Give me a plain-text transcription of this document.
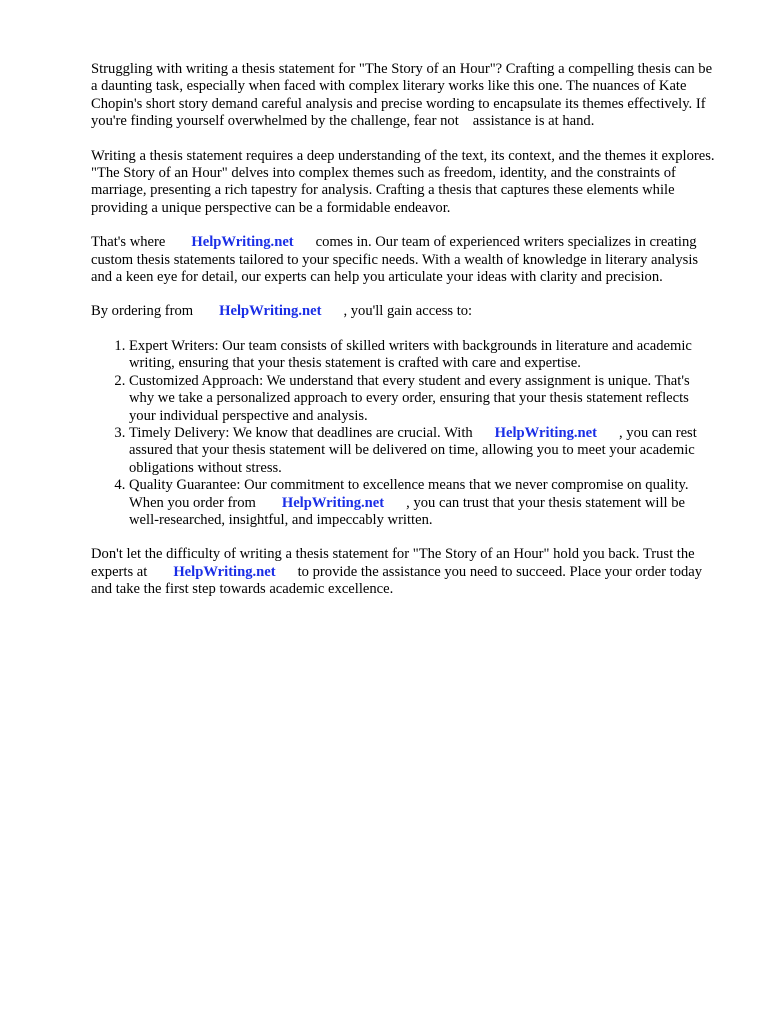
Struggling with writing a thesis statement for "The Story of an Hour"? Crafting a compelling thesis can be a daunting task, especially when faced with complex literary works like this one. The nuances of Kate Chopin's short story demand careful analysis and precise wording to encapsulate its themes effectively. If you're finding yourself overwhelmed by the challenge, fear not assistance is at hand.

Writing a thesis statement requires a deep understanding of the text, its context, and the themes it explores. "The Story of an Hour" delves into complex themes such as freedom, identity, and the constraints of marriage, presenting a rich tapestry for analysis. Crafting a thesis that captures these elements while providing a unique perspective can be a formidable endeavor.

That's where HelpWriting.net comes in. Our team of experienced writers specializes in creating custom thesis statements tailored to your specific needs. With a wealth of knowledge in literary analysis and a keen eye for detail, our experts can help you articulate your ideas with clarity and precision.

By ordering from HelpWriting.net , you'll gain access to:

1. Expert Writers: Our team consists of skilled writers with backgrounds in literature and academic writing, ensuring that your thesis statement is crafted with care and expertise.
2. Customized Approach: We understand that every student and every assignment is unique. That's why we take a personalized approach to every order, ensuring that your thesis statement reflects your individual perspective and analysis.
3. Timely Delivery: We know that deadlines are crucial. With HelpWriting.net , you can rest assured that your thesis statement will be delivered on time, allowing you to meet your academic obligations without stress.
4. Quality Guarantee: Our commitment to excellence means that we never compromise on quality. When you order from HelpWriting.net , you can trust that your thesis statement will be well-researched, insightful, and impeccably written.

Don't let the difficulty of writing a thesis statement for "The Story of an Hour" hold you back. Trust the experts at HelpWriting.net to provide the assistance you need to succeed. Place your order today and take the first step towards academic excellence.
